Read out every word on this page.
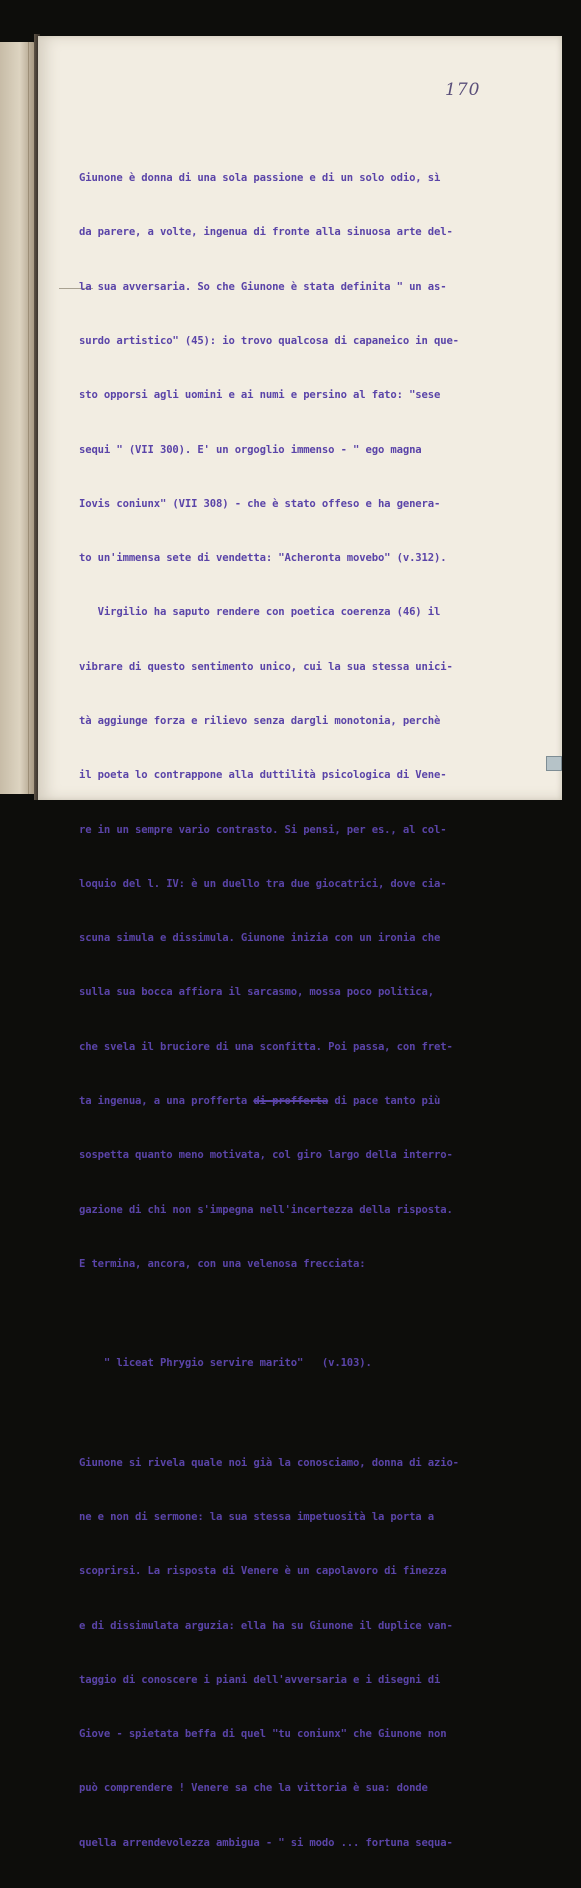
170

Giunone è donna di una sola passione e di un solo odio, sì

da parere, a volte, ingenua di fronte alla sinuosa arte del-

la sua avversaria. So che Giunone è stata definita " un as-

surdo artistico" (45): io trovo qualcosa di capaneico in que-

sto opporsi agli uomini e ai numi e persino al fato: "sese

sequi " (VII 300). E' un orgoglio immenso - " ego magna

Iovis coniunx" (VII 308) - che è stato offeso e ha genera-

to un'immensa sete di vendetta: "Acheronta movebo" (v.312).

Virgilio ha saputo rendere con poetica coerenza (46) il

vibrare di questo sentimento unico, cui la sua stessa unici-

tà aggiunge forza e rilievo senza dargli monotonia, perchè

il poeta lo contrappone alla duttilità psicologica di Vene-

re in un sempre vario contrasto. Si pensi, per es., al col-

loquio del l. IV: è un duello tra due giocatrici, dove cia-

scuna simula e dissimula. Giunone inizia con un ironia che

sulla sua bocca affiora il sarcasmo, mossa poco politica,

che svela il bruciore di una sconfitta. Poi passa, con fret-

ta ingenua, a una profferta di profferta di pace tanto più

sospetta quanto meno motivata, col giro largo della interro-

gazione di chi non s'impegna nell'incertezza della risposta.

E termina, ancora, con una velenosa frecciata:

" liceat Phrygio servire marito"   (v.103).

Giunone si rivela quale noi già la conosciamo, donna di azio-

ne e non di sermone: la sua stessa impetuosità la porta a

scoprirsi. La risposta di Venere è un capolavoro di finezza

e di dissimulata arguzia: ella ha su Giunone il duplice van-

taggio di conoscere i piani dell'avversaria e i disegni di

Giove - spietata beffa di quel "tu coniunx" che Giunone non

può comprendere ! Venere sa che la vittoria è sua: donde

quella arrendevolezza ambigua - " si modo ... fortuna sequa-
